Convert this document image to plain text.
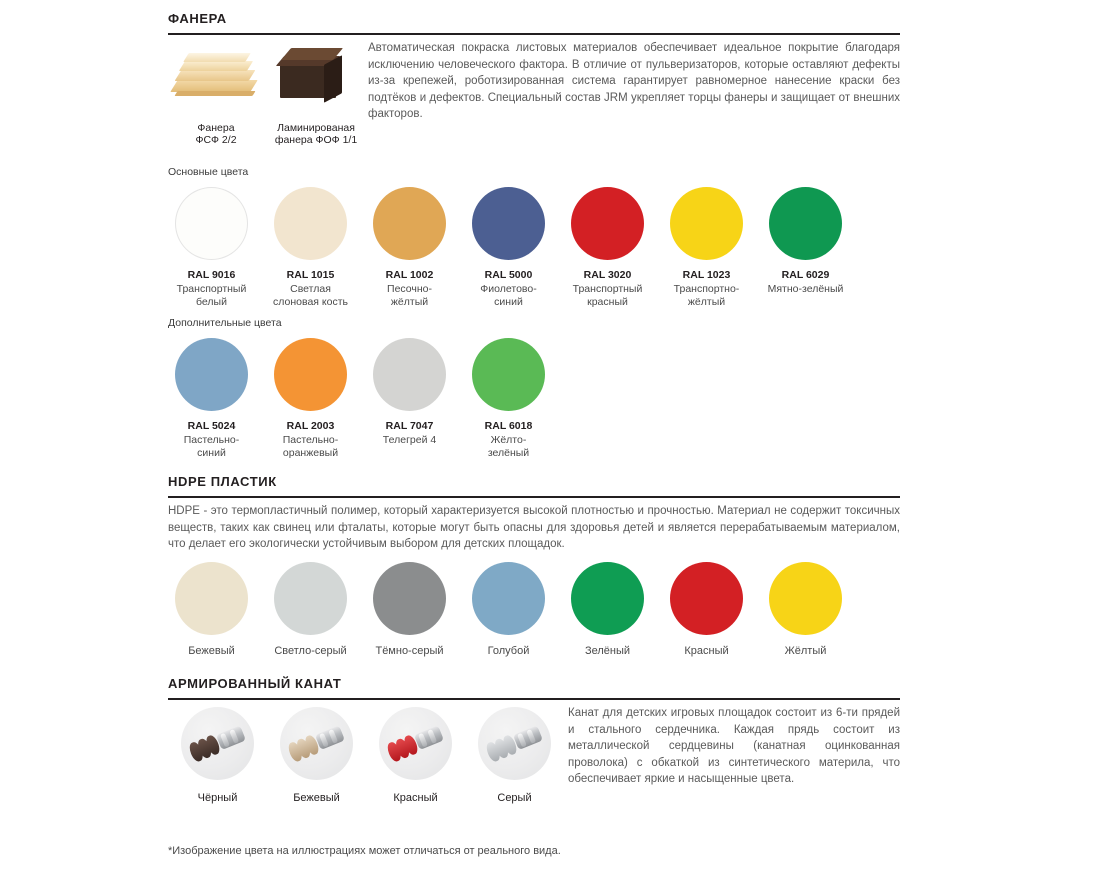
ФАНЕРА
Фанера
ФСФ 2/2
Ламинированая
фанера ФОФ 1/1
Автоматическая покраска листовых материалов обеспечивает идеальное покрытие благодаря исключению человеческого фактора. В отличие от пульверизаторов, которые оставляют дефекты из-за крепежей, роботизированная система гарантирует равномерное нанесение краски без подтёков и дефектов. Специальный состав JRM укрепляет торцы фанеры и защищает от внешних факторов.
Основные цвета
RAL 9016
Транспортный
белый
RAL 1015
Светлая
слоновая кость
RAL 1002
Песочно-
жёлтый
RAL 5000
Фиолетово-
синий
RAL 3020
Транспортный
красный
RAL 1023
Транспортно-
жёлтый
RAL 6029
Мятно-зелёный
Дополнительные цвета
RAL 5024
Пастельно-
синий
RAL 2003
Пастельно-
оранжевый
RAL 7047
Телегрей 4
RAL 6018
Жёлто-
зелёный
HDPE ПЛАСТИК
HDPE - это термопластичный полимер, который характеризуется высокой плотностью и прочностью. Материал не содержит токсичных веществ, таких как свинец или фталаты, которые могут быть опасны для здоровья детей и является перерабатываемым материалом, что делает его экологически устойчивым выбором для детских площадок.
Бежевый	Светло-серый	Тёмно-серый	Голубой	Зелёный	Красный	Жёлтый
АРМИРОВАННЫЙ КАНАТ
Канат для детских игровых площадок состоит из 6-ти прядей и стального сердечника. Каждая прядь состоит из металлической сердцевины (канатная оцинкованная проволока) с обкаткой из синтетического материла, что обеспечивает яркие и насыщенные цвета.
Чёрный	Бежевый	Красный	Серый
*Изображение цвета на иллюстрациях может отличаться от реального вида.
